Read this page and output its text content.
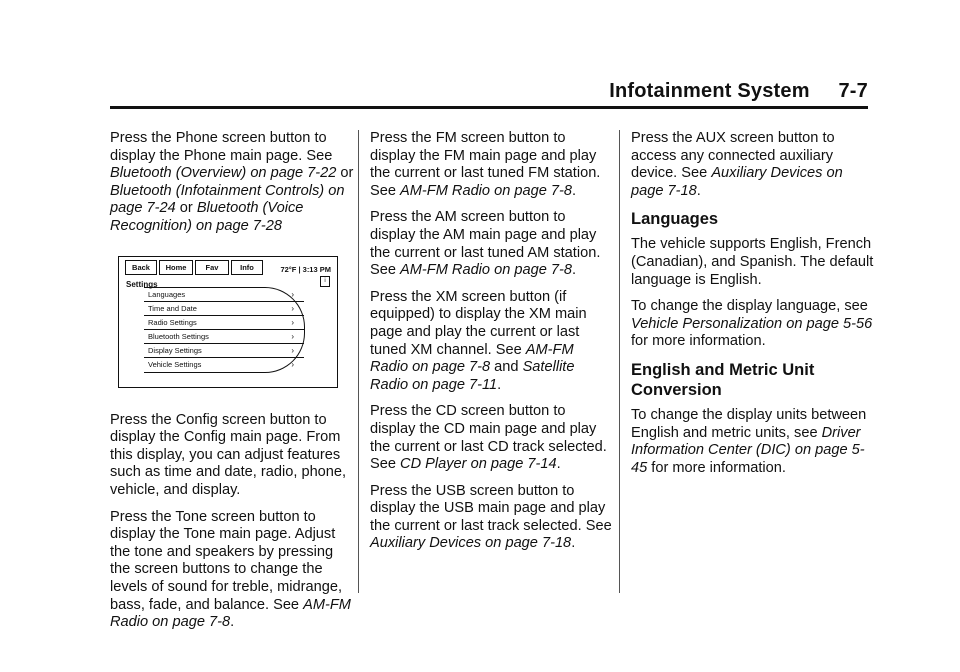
Infotainment System     7-7

Press the Phone screen button to display the Phone main page. See Bluetooth (Overview) on page 7-22 or Bluetooth (Infotainment Controls) on page 7-24 or Bluetooth (Voice Recognition) on page 7-28

Back	Home	Fav	Info	72°F | 3:13 PM
Settings	i
Languages	›
Time and Date	›
Radio Settings	›
Bluetooth Settings	›
Display Settings	›
Vehicle Settings	›

Press the Config screen button to display the Config main page. From this display, you can adjust features such as time and date, radio, phone, vehicle, and display.

Press the Tone screen button to display the Tone main page. Adjust the tone and speakers by pressing the screen buttons to change the levels of sound for treble, midrange, bass, fade, and balance. See AM-FM Radio on page 7-8.

Press the FM screen button to display the FM main page and play the current or last tuned FM station. See AM-FM Radio on page 7-8.

Press the AM screen button to display the AM main page and play the current or last tuned AM station. See AM-FM Radio on page 7-8.

Press the XM screen button (if equipped) to display the XM main page and play the current or last tuned XM channel. See AM-FM Radio on page 7-8 and Satellite Radio on page 7-11.

Press the CD screen button to display the CD main page and play the current or last CD track selected. See CD Player on page 7-14.

Press the USB screen button to display the USB main page and play the current or last track selected. See Auxiliary Devices on page 7-18.

Press the AUX screen button to access any connected auxiliary device. See Auxiliary Devices on page 7-18.

Languages

The vehicle supports English, French (Canadian), and Spanish. The default language is English.

To change the display language, see Vehicle Personalization on page 5-56 for more information.

English and Metric Unit Conversion

To change the display units between English and metric units, see Driver Information Center (DIC) on page 5-45 for more information.
